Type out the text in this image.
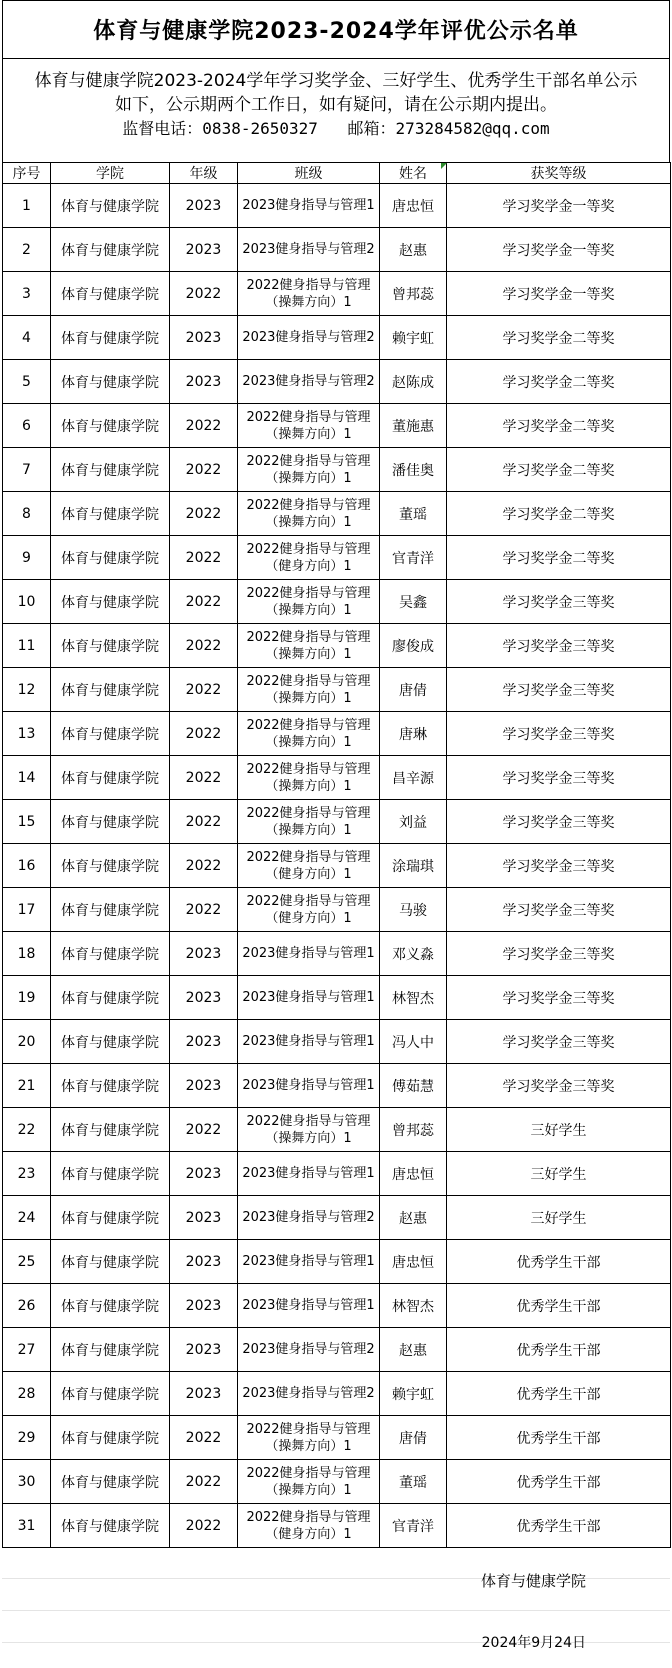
体育与健康学院2023-2024学年评优公示名单
体育与健康学院2023-2024学年学习奖学金、三好学生、优秀学生干部名单公示
如下，公示期两个工作日，如有疑问，请在公示期内提出。
监督电话：0838-2650327 邮箱：273284582@qq.com
序号	学院	年级	班级	姓名	获奖等级
1	体育与健康学院	2023	2023健身指导与管理1	唐忠恒	学习奖学金一等奖
2	体育与健康学院	2023	2023健身指导与管理2	赵惠	学习奖学金一等奖
3	体育与健康学院	2022	2022健身指导与管理
（操舞方向）1	曾邦蕊	学习奖学金一等奖
4	体育与健康学院	2023	2023健身指导与管理2	赖宇虹	学习奖学金二等奖
5	体育与健康学院	2023	2023健身指导与管理2	赵陈成	学习奖学金二等奖
6	体育与健康学院	2022	2022健身指导与管理
（操舞方向）1	董施惠	学习奖学金二等奖
7	体育与健康学院	2022	2022健身指导与管理
（操舞方向）1	潘佳奥	学习奖学金二等奖
8	体育与健康学院	2022	2022健身指导与管理
（操舞方向）1	董瑶	学习奖学金二等奖
9	体育与健康学院	2022	2022健身指导与管理
（健身方向）1	官青洋	学习奖学金二等奖
10	体育与健康学院	2022	2022健身指导与管理
（操舞方向）1	吴鑫	学习奖学金三等奖
11	体育与健康学院	2022	2022健身指导与管理
（操舞方向）1	廖俊成	学习奖学金三等奖
12	体育与健康学院	2022	2022健身指导与管理
（操舞方向）1	唐倩	学习奖学金三等奖
13	体育与健康学院	2022	2022健身指导与管理
（操舞方向）1	唐琳	学习奖学金三等奖
14	体育与健康学院	2022	2022健身指导与管理
（操舞方向）1	昌辛源	学习奖学金三等奖
15	体育与健康学院	2022	2022健身指导与管理
（操舞方向）1	刘益	学习奖学金三等奖
16	体育与健康学院	2022	2022健身指导与管理
（健身方向）1	涂瑞琪	学习奖学金三等奖
17	体育与健康学院	2022	2022健身指导与管理
（健身方向）1	马骏	学习奖学金三等奖
18	体育与健康学院	2023	2023健身指导与管理1	邓义淼	学习奖学金三等奖
19	体育与健康学院	2023	2023健身指导与管理1	林智杰	学习奖学金三等奖
20	体育与健康学院	2023	2023健身指导与管理1	冯人中	学习奖学金三等奖
21	体育与健康学院	2023	2023健身指导与管理1	傅茹慧	学习奖学金三等奖
22	体育与健康学院	2022	2022健身指导与管理
（操舞方向）1	曾邦蕊	三好学生
23	体育与健康学院	2023	2023健身指导与管理1	唐忠恒	三好学生
24	体育与健康学院	2023	2023健身指导与管理2	赵惠	三好学生
25	体育与健康学院	2023	2023健身指导与管理1	唐忠恒	优秀学生干部
26	体育与健康学院	2023	2023健身指导与管理1	林智杰	优秀学生干部
27	体育与健康学院	2023	2023健身指导与管理2	赵惠	优秀学生干部
28	体育与健康学院	2023	2023健身指导与管理2	赖宇虹	优秀学生干部
29	体育与健康学院	2022	2022健身指导与管理
（操舞方向）1	唐倩	优秀学生干部
30	体育与健康学院	2022	2022健身指导与管理
（操舞方向）1	董瑶	优秀学生干部
31	体育与健康学院	2022	2022健身指导与管理
（健身方向）1	官青洋	优秀学生干部
体育与健康学院
2024年9月24日
